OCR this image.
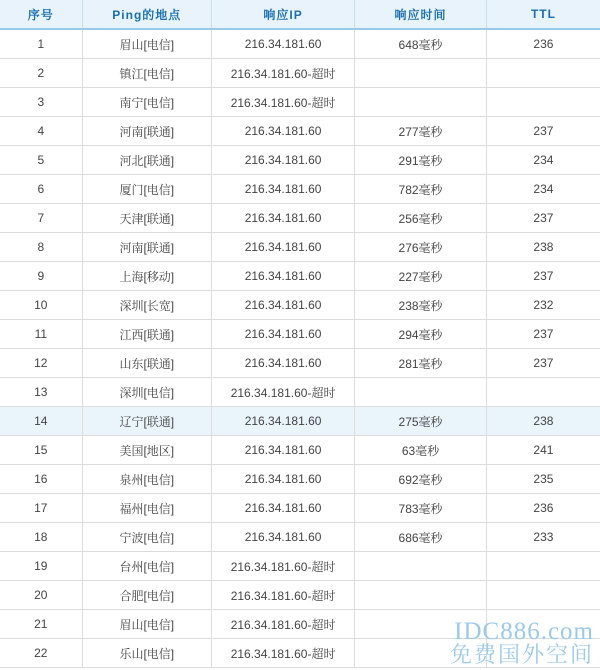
序号	Ping的地点	响应IP	响应时间	TTL
1	眉山[电信]	216.34.181.60	648毫秒	236
2	镇江[电信]	216.34.181.60-超时		
3	南宁[电信]	216.34.181.60-超时		
4	河南[联通]	216.34.181.60	277毫秒	237
5	河北[联通]	216.34.181.60	291毫秒	234
6	厦门[电信]	216.34.181.60	782毫秒	234
7	天津[联通]	216.34.181.60	256毫秒	237
8	河南[联通]	216.34.181.60	276毫秒	238
9	上海[移动]	216.34.181.60	227毫秒	237
10	深圳[长宽]	216.34.181.60	238毫秒	232
11	江西[联通]	216.34.181.60	294毫秒	237
12	山东[联通]	216.34.181.60	281毫秒	237
13	深圳[电信]	216.34.181.60-超时		
14	辽宁[联通]	216.34.181.60	275毫秒	238
15	美国[地区]	216.34.181.60	63毫秒	241
16	泉州[电信]	216.34.181.60	692毫秒	235
17	福州[电信]	216.34.181.60	783毫秒	236
18	宁波[电信]	216.34.181.60	686毫秒	233
19	台州[电信]	216.34.181.60-超时		
20	合肥[电信]	216.34.181.60-超时		
21	眉山[电信]	216.34.181.60-超时		
22	乐山[电信]	216.34.181.60-超时		
IDC886.com
免费国外空间
